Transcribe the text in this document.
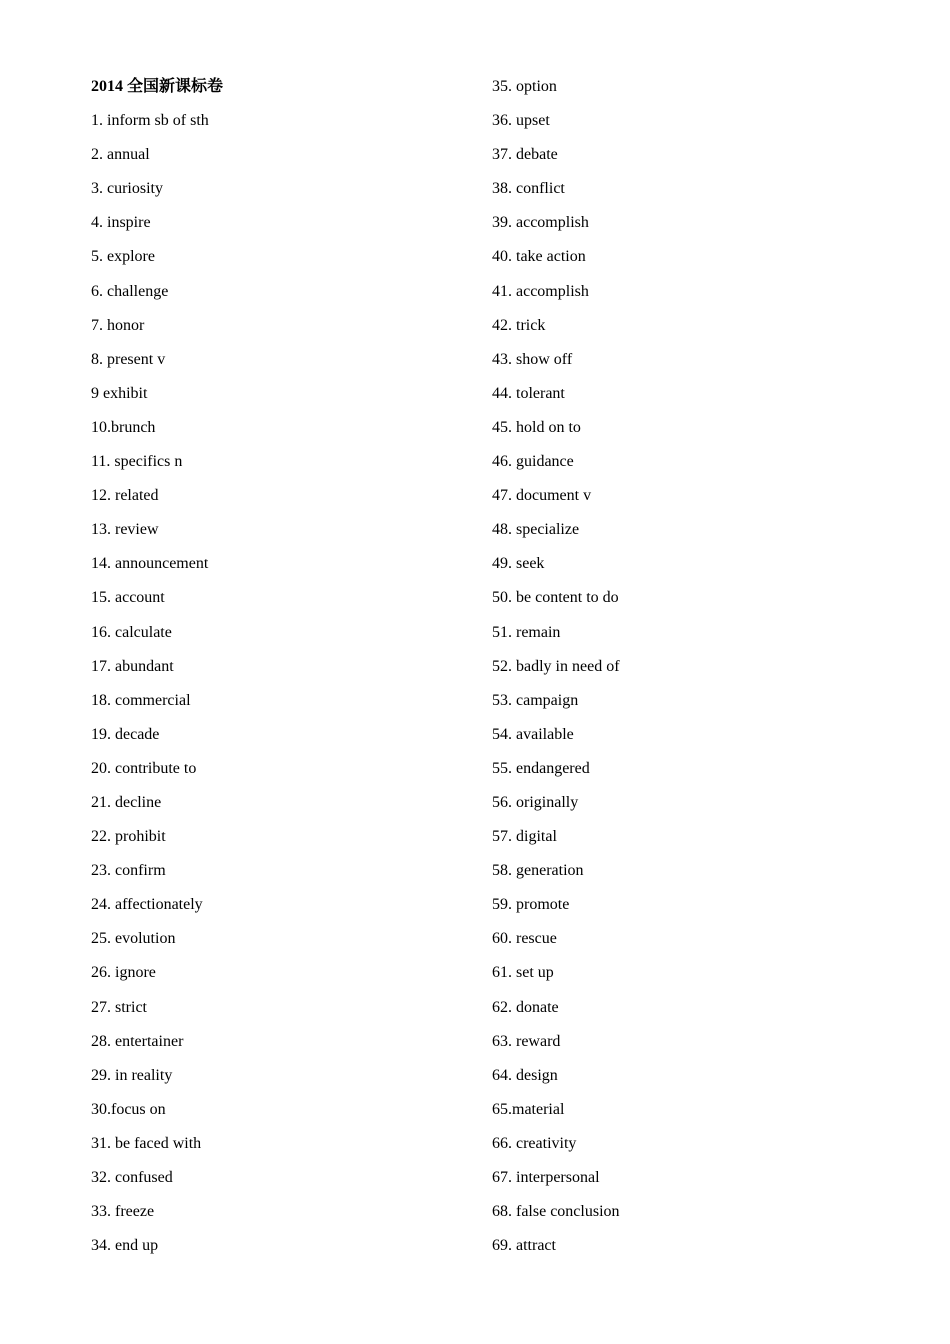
2014 全国新课标卷
1. inform sb of sth
2. annual
3. curiosity
4. inspire
5. explore
6. challenge
7. honor
8. present v
9 exhibit
10.brunch
11. specifics n
12. related
13. review
14. announcement
15. account
16. calculate
17. abundant
18. commercial
19. decade
20. contribute to
21. decline
22. prohibit
23. confirm
24. affectionately
25. evolution
26. ignore
27. strict
28. entertainer
29. in reality
30.focus on
31. be faced with
32. confused
33. freeze
34. end up
35. option
36. upset
37. debate
38. conflict
39. accomplish
40. take action
41. accomplish
42. trick
43. show off
44. tolerant
45. hold on to
46. guidance
47. document v
48. specialize
49. seek
50. be content to do
51. remain
52. badly in need of
53. campaign
54. available
55. endangered
56. originally
57. digital
58. generation
59. promote
60. rescue
61. set up
62. donate
63. reward
64. design
65.material
66. creativity
67. interpersonal
68. false conclusion
69. attract
